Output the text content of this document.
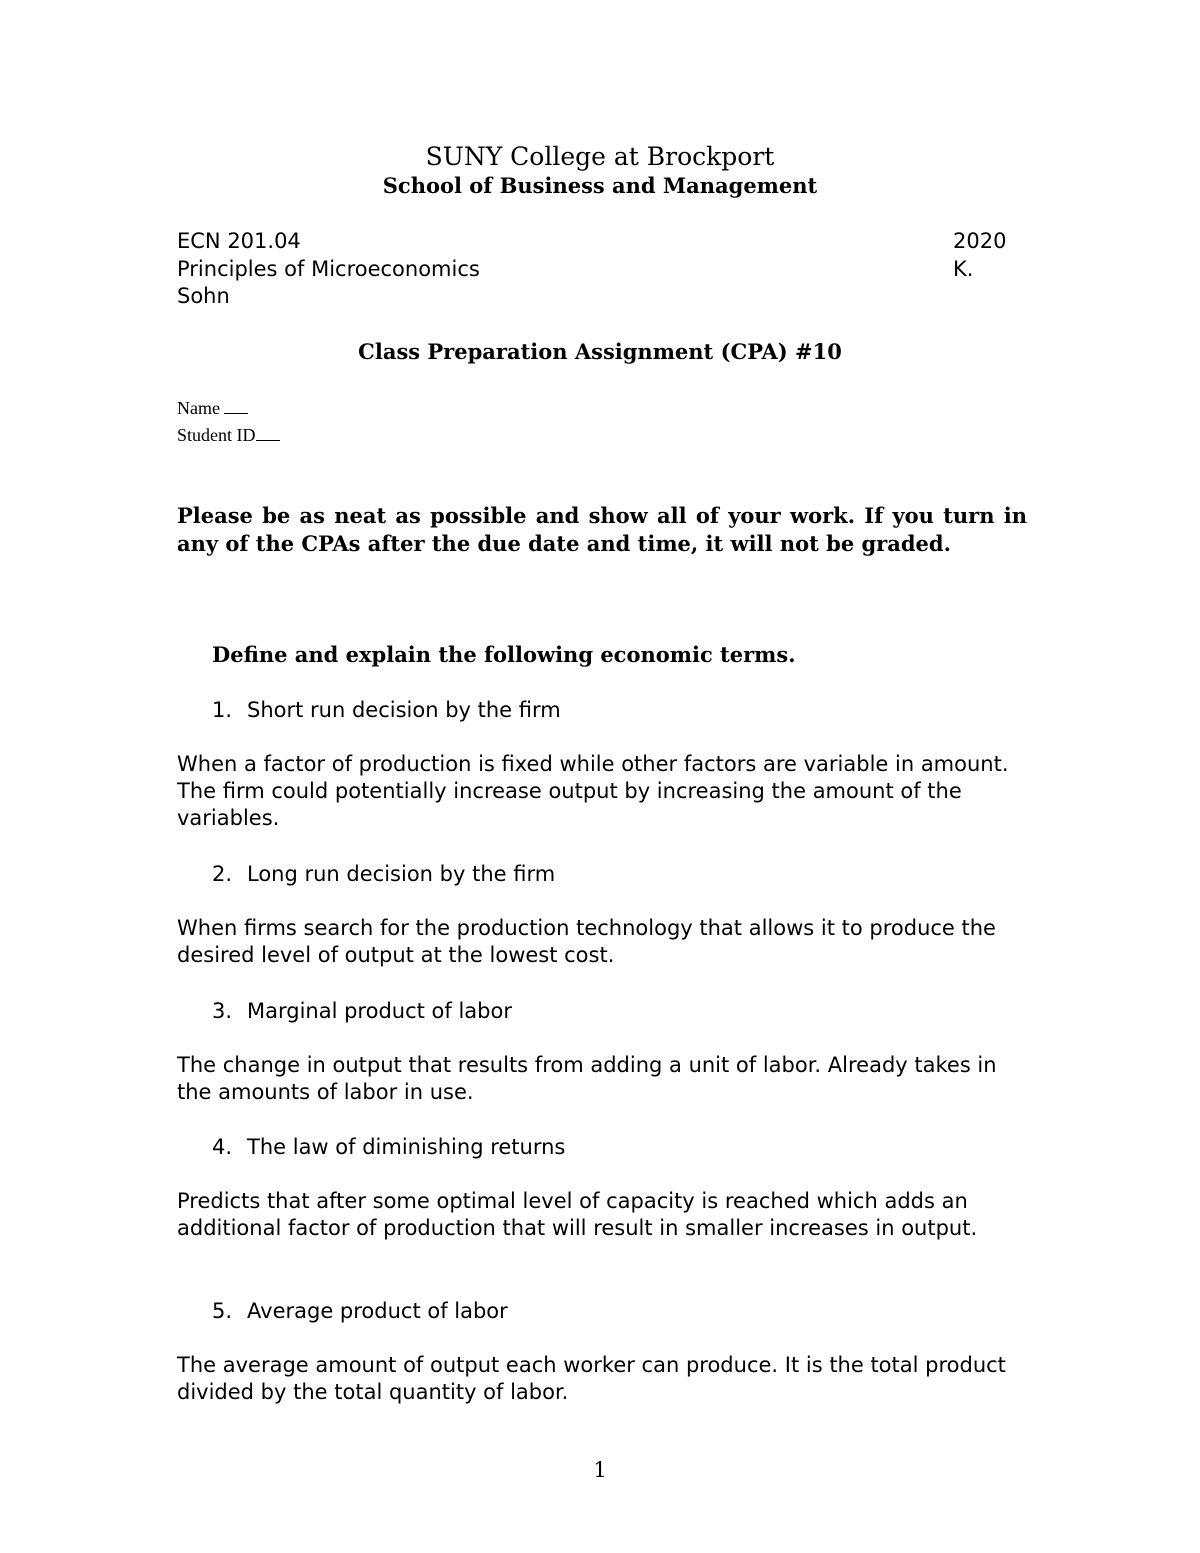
SUNY College at Brockport
School of Business and Management
ECN 201.04	2020
Principles of Microeconomics	K.
Sohn
Class Preparation Assignment (CPA) #10
Name
Student ID
Please be as neat as possible and show all of your work. If you turn in any of the CPAs after the due date and time, it will not be graded.
Define and explain the following economic terms.
1. Short run decision by the firm
When a factor of production is fixed while other factors are variable in amount. The firm could potentially increase output by increasing the amount of the variables.
2. Long run decision by the firm
When firms search for the production technology that allows it to produce the desired level of output at the lowest cost.
3. Marginal product of labor
The change in output that results from adding a unit of labor. Already takes in the amounts of labor in use.
4. The law of diminishing returns
Predicts that after some optimal level of capacity is reached which adds an additional factor of production that will result in smaller increases in output.
5. Average product of labor
The average amount of output each worker can produce. It is the total product divided by the total quantity of labor.
1
